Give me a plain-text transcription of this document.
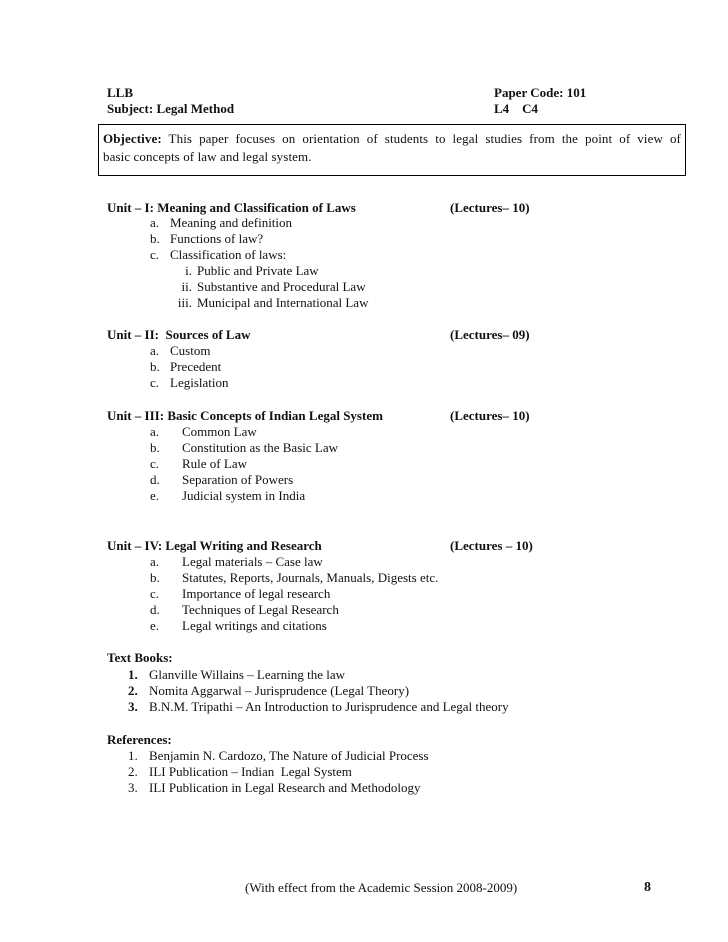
LLB	Paper Code: 101
Subject: Legal Method	L4    C4
Objective: This paper focuses on orientation of students to legal studies from the point of view of
basic concepts of law and legal system.
Unit – I: Meaning and Classification of Laws	(Lectures– 10)
a. Meaning and definition
b. Functions of law?
c. Classification of laws:
i. Public and Private Law
ii. Substantive and Procedural Law
iii. Municipal and International Law
Unit – II:  Sources of Law	(Lectures– 09)
a. Custom
b. Precedent
c. Legislation
Unit – III: Basic Concepts of Indian Legal System	(Lectures– 10)
a. Common Law
b. Constitution as the Basic Law
c. Rule of Law
d. Separation of Powers
e. Judicial system in India
Unit – IV: Legal Writing and Research	(Lectures – 10)
a. Legal materials – Case law
b. Statutes, Reports, Journals, Manuals, Digests etc.
c. Importance of legal research
d. Techniques of Legal Research
e. Legal writings and citations
Text Books:
1. Glanville Willains – Learning the law
2. Nomita Aggarwal – Jurisprudence (Legal Theory)
3. B.N.M. Tripathi – An Introduction to Jurisprudence and Legal theory
References:
1. Benjamin N. Cardozo, The Nature of Judicial Process
2. ILI Publication – Indian  Legal System
3. ILI Publication in Legal Research and Methodology
(With effect from the Academic Session 2008-2009)	8
